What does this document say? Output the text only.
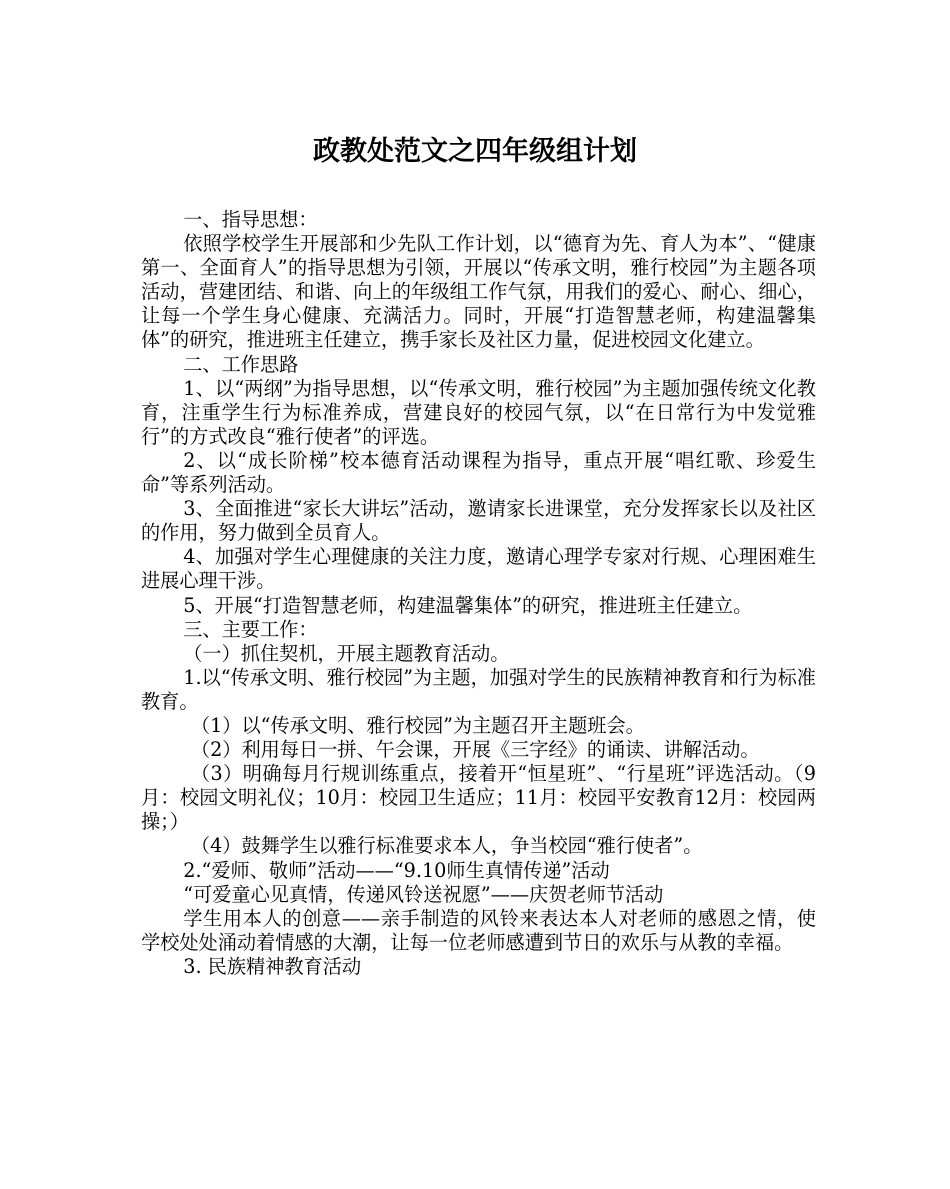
政教处范文之四年级组计划

一、指导思想：

依照学校学生开展部和少先队工作计划，以“德育为先、育人为本”、“健康第一、全面育人”的指导思想为引领，开展以“传承文明，雅行校园”为主题各项活动，营建团结、和谐、向上的年级组工作气氛，用我们的爱心、耐心、细心，让每一个学生身心健康、充满活力。同时，开展“打造智慧老师，构建温馨集体”的研究，推进班主任建立，携手家长及社区力量，促进校园文化建立。

二、工作思路

1、以“两纲”为指导思想，以“传承文明，雅行校园”为主题加强传统文化教育，注重学生行为标准养成，营建良好的校园气氛，以“在日常行为中发觉雅行”的方式改良“雅行使者”的评选。

2、以“成长阶梯”校本德育活动课程为指导，重点开展“唱红歌、珍爱生命”等系列活动。

3、全面推进“家长大讲坛”活动，邀请家长进课堂，充分发挥家长以及社区的作用，努力做到全员育人。

4、加强对学生心理健康的关注力度，邀请心理学专家对行规、心理困难生进展心理干涉。

5、开展“打造智慧老师，构建温馨集体”的研究，推进班主任建立。

三、主要工作：

（一）抓住契机，开展主题教育活动。

1.以“传承文明、雅行校园”为主题，加强对学生的民族精神教育和行为标准教育。

（1）以“传承文明、雅行校园”为主题召开主题班会。

（2）利用每日一拼、午会课，开展《三字经》的诵读、讲解活动。

（3）明确每月行规训练重点，接着开“恒星班”、“行星班”评选活动。（9月：校园文明礼仪；10月：校园卫生适应；11月：校园平安教育12月：校园两操；）

（4）鼓舞学生以雅行标准要求本人，争当校园“雅行使者”。

2.“爱师、敬师”活动——“9.10师生真情传递”活动

“可爱童心见真情，传递风铃送祝愿”——庆贺老师节活动

学生用本人的创意——亲手制造的风铃来表达本人对老师的感恩之情，使学校处处涌动着情感的大潮，让每一位老师感遭到节日的欢乐与从教的幸福。

3. 民族精神教育活动
